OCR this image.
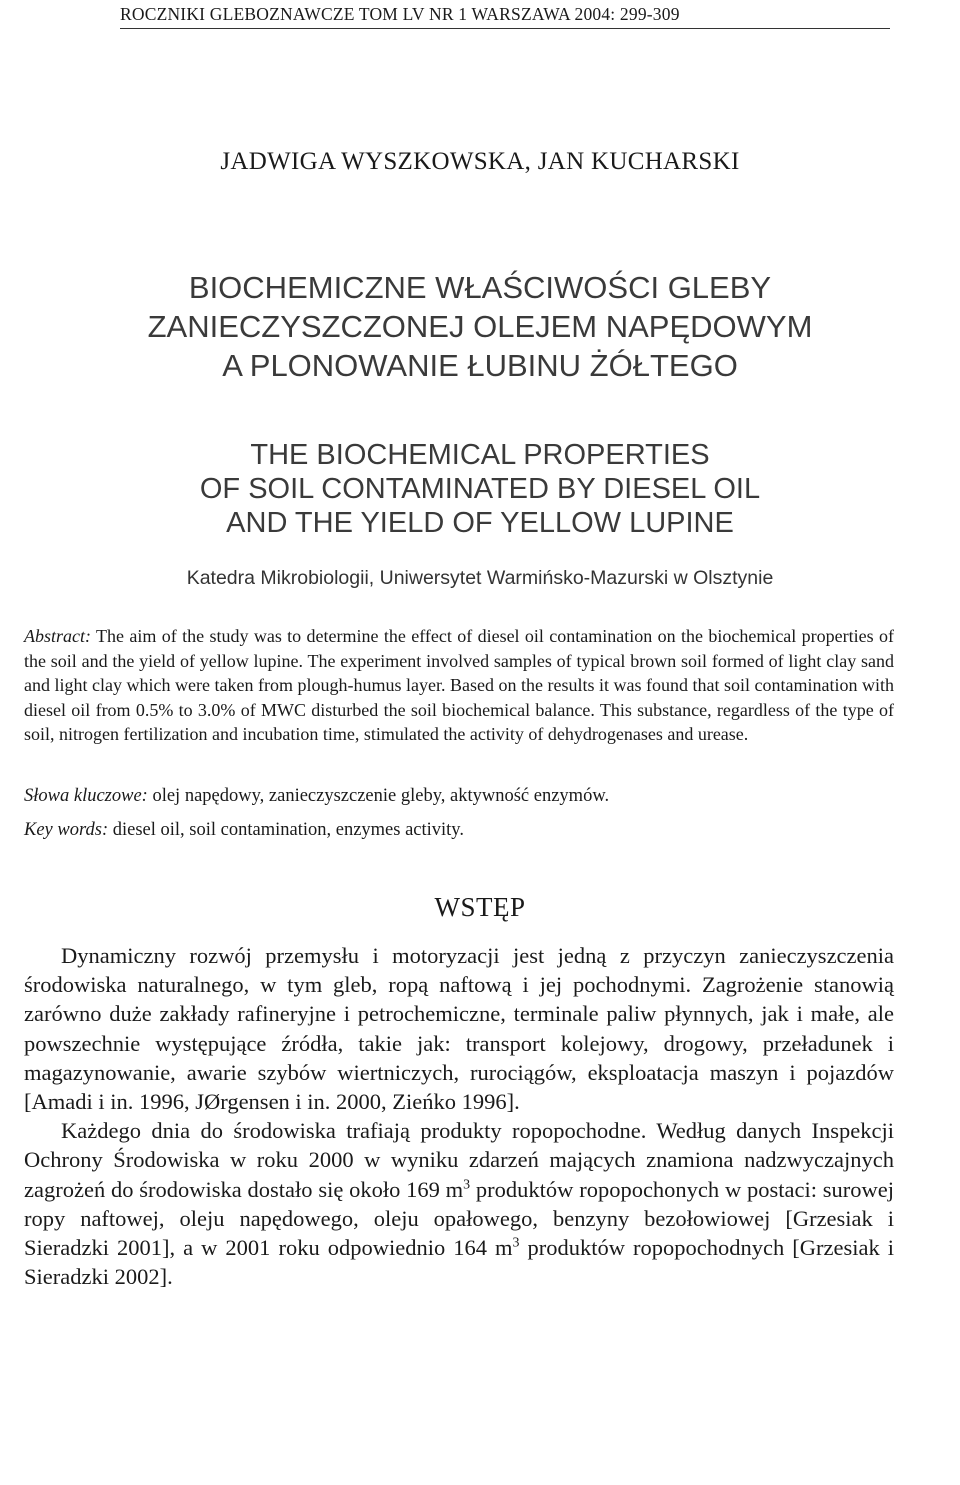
ROCZNIKI GLEBOZNAWCZE TOM LV NR 1 WARSZAWA 2004: 299-309
JADWIGA WYSZKOWSKA, JAN KUCHARSKI
BIOCHEMICZNE WŁAŚCIWOŚCI GLEBY
ZANIECZYSZCZONEJ OLEJEM NAPĘDOWYM
A PLONOWANIE ŁUBINU ŻÓŁTEGO
THE BIOCHEMICAL PROPERTIES
OF SOIL CONTAMINATED BY DIESEL OIL
AND THE YIELD OF YELLOW LUPINE
Katedra Mikrobiologii, Uniwersytet Warmińsko-Mazurski w Olsztynie
Abstract: The aim of the study was to determine the effect of diesel oil contamination on the biochemical properties of the soil and the yield of yellow lupine. The experiment involved samples of typical brown soil formed of light clay sand and light clay which were taken from plough-humus layer. Based on the results it was found that soil contamination with diesel oil from 0.5% to 3.0% of MWC disturbed the soil biochemical balance. This substance, regardless of the type of soil, nitrogen fertilization and incubation time, stimulated the activity of dehydrogenases and urease.
Słowa kluczowe: olej napędowy, zanieczyszczenie gleby, aktywność enzymów.
Key words: diesel oil, soil contamination, enzymes activity.
WSTĘP

Dynamiczny rozwój przemysłu i motoryzacji jest jedną z przyczyn zanieczyszczenia środowiska naturalnego, w tym gleb, ropą naftową i jej pochodnymi. Zagrożenie stanowią zarówno duże zakłady rafineryjne i petrochemiczne, terminale paliw płynnych, jak i małe, ale powszechnie występujące źródła, takie jak: transport kolejowy, drogowy, przeładunek i magazynowanie, awarie szybów wiertniczych, rurociągów, eksploatacja maszyn i pojazdów [Amadi i in. 1996, JØrgensen i in. 2000, Zieńko 1996].

Każdego dnia do środowiska trafiają produkty ropopochodne. Według danych Inspekcji Ochrony Środowiska w roku 2000 w wyniku zdarzeń mających znamiona nadzwyczajnych zagrożeń do środowiska dostało się około 169 $m^3$ produktów ropopochonych w postaci: surowej ropy naftowej, oleju napędowego, oleju opałowego, benzyny bezołowiowej [Grzesiak i Sieradzki 2001], a w 2001 roku odpowiednio 164 $m^3$ produktów ropopochodnych [Grzesiak i Sieradzki 2002].
